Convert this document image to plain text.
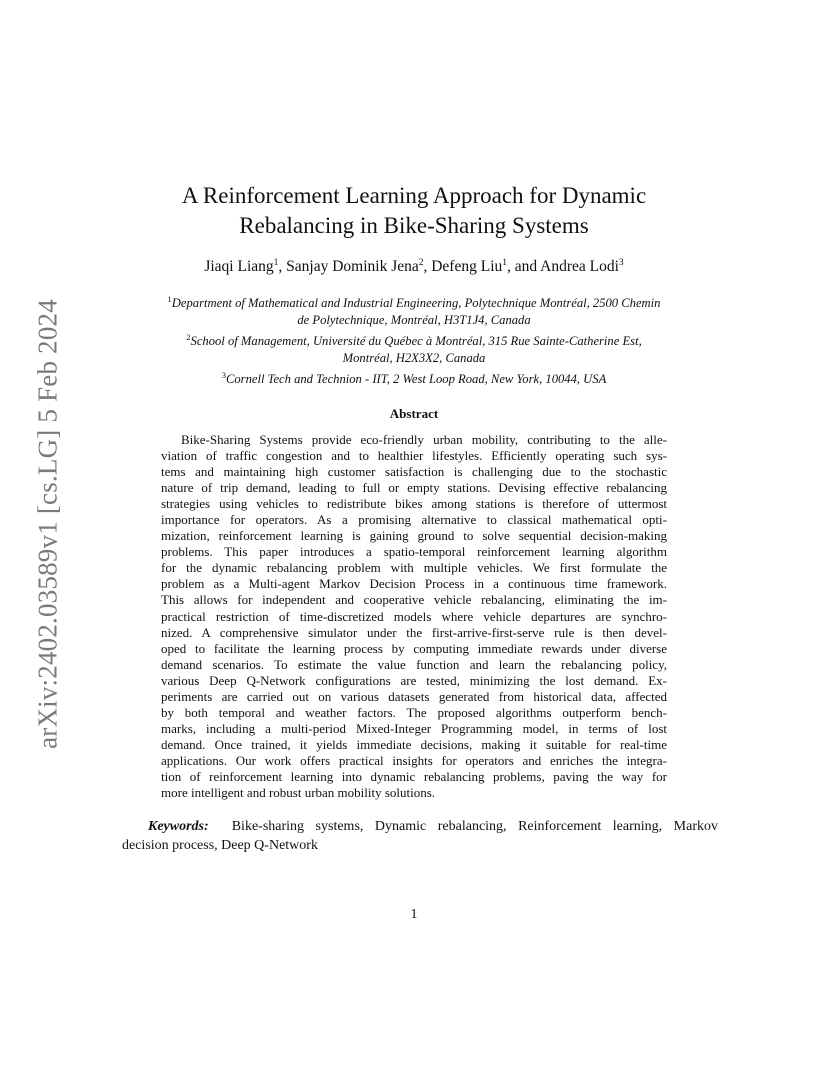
arXiv:2402.03589v1 [cs.LG] 5 Feb 2024
A Reinforcement Learning Approach for Dynamic
Rebalancing in Bike-Sharing Systems
Jiaqi Liang$^1$, Sanjay Dominik Jena$^2$, Defeng Liu$^1$, and Andrea Lodi$^3$
$^1$Department of Mathematical and Industrial Engineering, Polytechnique Montréal, 2500 Chemin
de Polytechnique, Montréal, H3T1J4, Canada
$^2$School of Management, Université du Québec à Montréal, 315 Rue Sainte-Catherine Est,
Montréal, H2X3X2, Canada
$^3$Cornell Tech and Technion - IIT, 2 West Loop Road, New York, 10044, USA
Abstract
Bike-Sharing Systems provide eco-friendly urban mobility, contributing to the alle-
viation of traffic congestion and to healthier lifestyles. Efficiently operating such sys-
tems and maintaining high customer satisfaction is challenging due to the stochastic
nature of trip demand, leading to full or empty stations. Devising effective rebalancing
strategies using vehicles to redistribute bikes among stations is therefore of uttermost
importance for operators. As a promising alternative to classical mathematical opti-
mization, reinforcement learning is gaining ground to solve sequential decision-making
problems. This paper introduces a spatio-temporal reinforcement learning algorithm
for the dynamic rebalancing problem with multiple vehicles. We first formulate the
problem as a Multi-agent Markov Decision Process in a continuous time framework.
This allows for independent and cooperative vehicle rebalancing, eliminating the im-
practical restriction of time-discretized models where vehicle departures are synchro-
nized. A comprehensive simulator under the first-arrive-first-serve rule is then devel-
oped to facilitate the learning process by computing immediate rewards under diverse
demand scenarios. To estimate the value function and learn the rebalancing policy,
various Deep Q-Network configurations are tested, minimizing the lost demand. Ex-
periments are carried out on various datasets generated from historical data, affected
by both temporal and weather factors. The proposed algorithms outperform bench-
marks, including a multi-period Mixed-Integer Programming model, in terms of lost
demand. Once trained, it yields immediate decisions, making it suitable for real-time
applications. Our work offers practical insights for operators and enriches the integra-
tion of reinforcement learning into dynamic rebalancing problems, paving the way for
more intelligent and robust urban mobility solutions.
Keywords: Bike-sharing systems, Dynamic rebalancing, Reinforcement learning, Markov
decision process, Deep Q-Network
1
